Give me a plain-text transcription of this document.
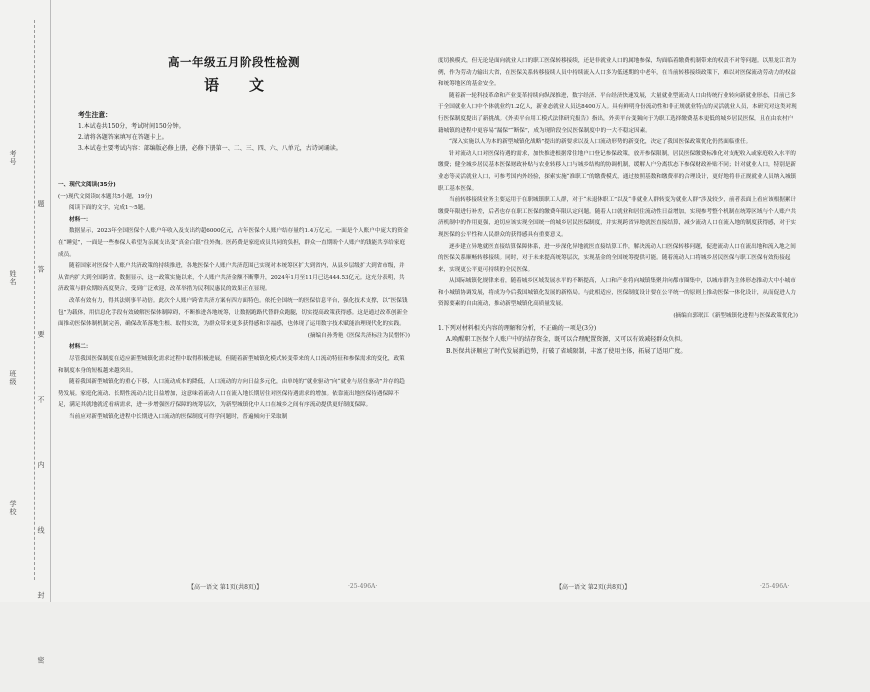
考号
姓名
班级
学校	题 答 要 不 内 线 封 密
高一年级五月阶段性检测
语文
考生注意：
1.本试卷共150分，考试时间150分钟。
2.请将各题答案填写在答题卡上。
3.本试卷主要考试内容：部编版必修上册，必修下册第一、二、三、四、六、八单元，古诗词诵读。
一、现代文阅读(35分)
(一)现代文阅读Ⅰ(本题共5小题，19分)

阅读下面的文字，完成1～5题。

材料一：

数据显示，2023年全国医保个人账户年收入及支出约超6000亿元，占年医保个人账户结存量约1.4万亿元。一面是个人账户中庞大的资金在“睡觉”，一面是一些参保人希望为亲属支出变“真金白银”往外掏。医药费是家庭成员共同的负担，群众一直期盼个人账户的钱能共享给家庭成员。

随着国家对医保个人账户共济政策的持续推进，各地医保个人账户共济范围已实现对本统筹区扩大到省内，从县乡层级扩大到省市级，并从省内扩大到全国跨省。数据显示，这一政策实施以来，个人账户共济金额不断攀升，2024年1月至11月已达444.53亿元。这充分表明，共济政策与群众期盼高度契合，受到广泛欢迎，改革举措为民利民惠民的效果正在显现。

改革有效有力，得其法则事半功倍。此次个人账户跨省共济方案有四方面特色。依托全国统一的医保信息平台，强化技术支撑，以“医保钱包”为载体，用信息化手段有效破解医保体制障碍，不断推进各地统筹，让数据跑路代替群众跑腿，切实提高政策获得感。这是通过改革创新全面推动医保体制机制完善，确保改革落地生根、取得实效，为群众带来更多获得感和幸福感，也体现了运用数字技术赋能治理现代化的实践。

(摘编自孙秀艳《医保共济标注为民惜怀》)

材料二：

尽管我国医保制度在适应新型城镇化需求过程中取得积极进展，但随着新型城镇化模式转变带来的人口流动特征和参保需求的变化，政策和制度本身的短板越来越突出。

随着我国新型城镇化的重心下移，人口流动成本的降低，人口流动的方向日益多元化，由单纯的“就业驱动”向“就业与居住驱动”并存的趋势发展。家庭化流动、长期性流动占比日益增加，这意味着流动人口在流入地长期居住对医保待遇需求的增加。依靠流出地医保待遇保障不足，满足其就地就近看病需求，进一步增强医疗保障的统筹层次，为新型城镇化中人口在城乡之间有序流动提供更好制度保障。

当前应对新型城镇化进程中长期进入口流动的医保制度可得学问题时，普遍倾向于采取制

度切换模式，但无论是面向就业人口的职工医保转移接续，还是非就业人口的属地参保，均面临着缴费机制带来的权责不对等问题。以黑龙江省为例，作为劳动力输出大省，在医保关系转移接续人员中持续流入人口多为低迷期的中老年，在当前转移接续政策下，难以对医保流动劳动力的权益和统筹地区的基金安全。

随着新一轮科技革命和产业变革持续向纵深推进，数字经济、平台经济快速发展，大量就业型流动人口由传统行业转向新就业形态，目前已多于全国就业人口中个体就业约1.2亿人，新业态就业人员达8400万人。具有鲜明身份流动性和非正规就业特点的灵活就业人员，本研究对这类对现行医保制度提出了新挑战。《外卖平台用工模式法律研究报告》指出，外卖平台变频向于为职工选择缴费基本更低的城乡居民医保，且在由农村户籍城镇的进程中更容易“漏保”“断保”，成为现阶段全民医保制度中的一大不稳定因素。

“深入实施以人为本的新型城镇化战略”提出的新要求以及人口流动形势的新变化，决定了我国医保政策优化仍然面临重任。

针对流动人口对医保待遇的需求，加快推进根据常住地户口登记参保政策，放开参保限制，居民医保缴费标准化对支配收入或家庭收入水平的缴费；健全城乡居民基本医保财政补贴与农业转移人口与城乡结构的协调机制，缓解人户分离状态下参保财政补贴不同；针对就业人口，特别是新业态等灵活就业人口，可参考国内外经验，探索实施“准职工”的缴费模式，通过按照基数和缴费率的合理设计，更好地将非正规就业人员纳入城镇职工基本医保。

当前转移接续业务主要运用于在职城镇职工人群，对于“未退休职工”以及“非就业人群转变为就业人群”涉及较少，前者表面上看应该根据累计缴费年限进行补差，后者也存在职工医保的缴费年限认定问题。随着人口就业和居住流动性日益增加，实现参考整个机制在统筹区域与个人账户共济机制中的作用更强，迫切应该实现全国统一的城乡居民医保制度，并实现跨省异地就医直接结算，减少流动人口在流入地的制度获得感，对于实现医保的公平性和人民群众的获得感具有重要意义。

逐步建立异地就医直接结算保障体系，进一步深化异地就医直接结算工作，解决流动人口医保转移问题，促进流动人口在流出地和流入地之间的医保关系顺畅转移接续。同时，对于未来提高统筹层次，实现基金的全国统筹提供可能。随着流动人口将城乡居民医保与职工医保有效衔接起来，实现更公平更可持续的全民医保。

从国际城镇化规律来看，随着城乡区域发展水平的不断提高，人口和产业将向城镇集聚并向都市圈集中，以城市群为主体形态推动大中小城市和小城镇协调发展，将成为今后我国城镇化发展的新格局。与此相适应，医保制度设计要在公平统一的原则上推动医保一体化设计，从而促进人力资源要素的自由流动，推动新型城镇化高质量发展。

(摘编自郭珉江《新型城镇化进程与医保政策优化》)
1.下列对材料相关内容的理解和分析，不正确的一项是(3分)
A.唤醒职工医保个人账户中的结存资金，既可以合理配置资源，又可以有效减轻群众负担。
B.医保共济顺应了时代发展新趋势，打破了省域限制，丰富了使用主体，拓展了适用广度。
【高一语文 第1页(共8页)】	【高一语文 第2页(共8页)】
·25-496A·	·25-496A·
